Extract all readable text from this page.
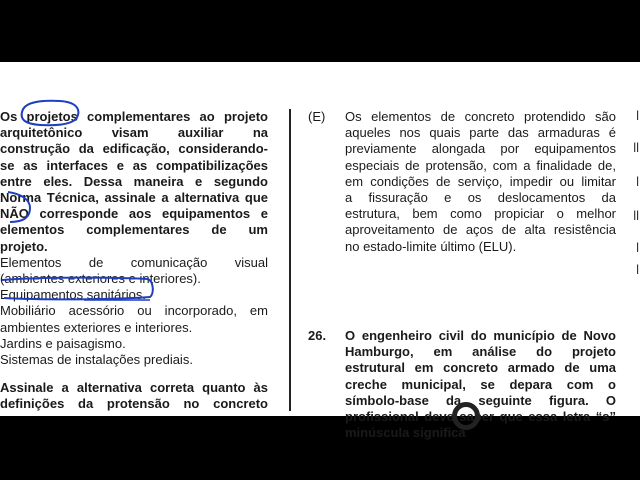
Os projetos complementares ao projeto

arquitetônico visam auxiliar na

construção da edificação, considerando-

se as interfaces e as compatibilizações

entre eles. Dessa maneira e segundo

Norma Técnica, assinale a alternativa que

NÃO corresponde aos equipamentos e

elementos complementares de um

projeto.

Elementos de comunicação visual

(ambientes exteriores e interiores).

Equipamentos sanitários.

Mobiliário acessório ou incorporado, em

ambientes exteriores e interiores.

Jardins e paisagismo.

Sistemas de instalações prediais.

Assinale a alternativa correta quanto às

definições da protensão no concreto

(E) Os elementos de concreto protendido são

aqueles nos quais parte das armaduras é

previamente alongada por equipamentos

especiais de protensão, com a finalidade de,

em condições de serviço, impedir ou limitar

a fissuração e os deslocamentos da

estrutura, bem como propiciar o melhor

aproveitamento de aços de alta resistência

no estado-limite último (ELU).

26. O engenheiro civil do município de Novo

Hamburgo, em análise do projeto

estrutural em concreto armado de uma

creche municipal, se depara com o

símbolo-base da seguinte figura. O

profissional deve saber que essa letra “s”

minúscula significa

l
ll
l
ll
l
l
